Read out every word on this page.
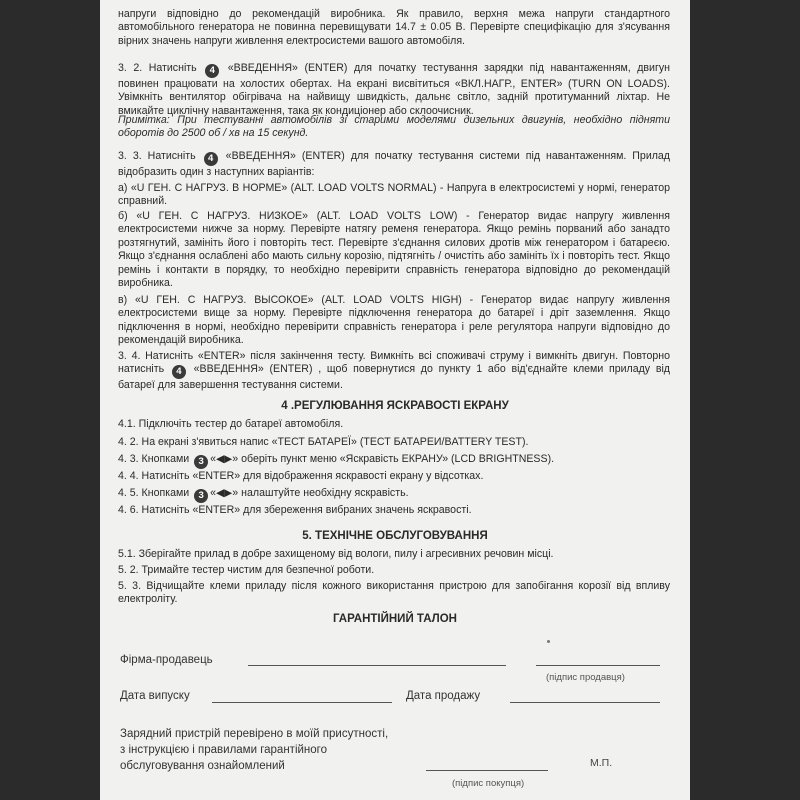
напруги відповідно до рекомендацій виробника. Як правило, верхня межа напруги стандартного автомобільного генератора не повинна перевищувати 14.7 ± 0.05 В. Перевірте специфікацію для з'ясування вірних значень напруги живлення електросистеми вашого автомобіля.

3. 2. Натисніть 4 «ВВЕДЕННЯ» (ENTER) для початку тестування зарядки під навантаженням, двигун повинен працювати на холостих обертах. На екрані висвітиться «ВКЛ.НАГР., ENTER» (TURN ON LOADS). Увімкніть вентилятор обігрівача на найвищу швидкість, дальнє світло, задній протитуманний ліхтар. Не вмикайте циклічну навантаження, така як кондиціонер або склоочисник.

Примітка: При тестуванні автомобілів зі старими моделями дизельних двигунів, необхідно підняти оборотів до 2500 об / хв на 15 секунд.

3. 3. Натисніть 4 «ВВЕДЕННЯ» (ENTER) для початку тестування системи під навантаженням. Прилад відобразить один з наступних варіантів:

а) «U ГЕН. С НАГРУЗ. В НОРМЕ» (ALT. LOAD VOLTS NORMAL) - Напруга в електросистемі у нормі, генератор справний.

б) «U ГЕН. С НАГРУЗ. НИЗКОЕ» (ALT. LOAD VOLTS LOW) - Генератор видає напругу живлення електросистеми нижче за норму. Перевірте натягу ременя генератора. Якщо ремінь порваний або занадто розтягнутий, замініть його і повторіть тест. Перевірте з'єднання силових дротів між генератором і батареєю. Якщо з'єднання ослаблені або мають сильну корозію, підтягніть / очистіть або замініть їх і повторіть тест. Якщо ремінь і контакти в порядку, то необхідно перевірити справність генератора відповідно до рекомендацій виробника.

в) «U ГЕН. С НАГРУЗ. ВЫСОКОЕ» (ALT. LOAD VOLTS HIGH) - Генератор видає напругу живлення електросистеми вище за норму. Перевірте підключення генератора до батареї і дріт заземлення. Якщо підключення в нормі, необхідно перевірити справність генератора і реле регулятора напруги відповідно до рекомендацій виробника.

3. 4. Натисніть «ENTER» після закінчення тесту. Вимкніть всі споживачі струму і вимкніть двигун. Повторно натисніть 4 «ВВЕДЕННЯ» (ENTER) , щоб повернутися до пункту 1 або від'єднайте клеми приладу від батареї для завершення тестування системи.

4 .РЕГУЛЮВАННЯ ЯСКРАВОСТІ ЕКРАНУ

4.1. Підключіть тестер до батареї автомобіля.

4. 2. На екрані з'явиться напис «ТЕСТ БАТАРЕЇ» (ТЕСТ БАТАРЕИ/BATTERY TEST).

4. 3. Кнопками 3 «◀▶» оберіть пункт меню «Яскравість ЕКРАНУ» (LCD BRIGHTNESS).

4. 4. Натисніть «ENTER» для відображення яскравості екрану у відсотках.

4. 5. Кнопками 3 «◀▶» налаштуйте необхідну яскравість.

4. 6. Натисніть «ENTER» для збереження вибраних значень яскравості.

5. ТЕХНІЧНЕ ОБСЛУГОВУВАННЯ

5.1. Зберігайте прилад в добре захищеному від вологи, пилу і агресивних речовин місці.

5. 2. Тримайте тестер чистим для безпечної роботи.

5. 3. Відчищайте клеми приладу після кожного використання пристрою для запобігання корозії від впливу електроліту.

ГАРАНТІЙНИЙ ТАЛОН

Фірма-продавець
(підпис продавця)
Дата випуску	Дата продажу
Зарядний пристрій перевірено в моїй присутності,
з інструкцією і правилами гарантійного
обслуговування ознайомлений
(підпис покупця)
М.П.
